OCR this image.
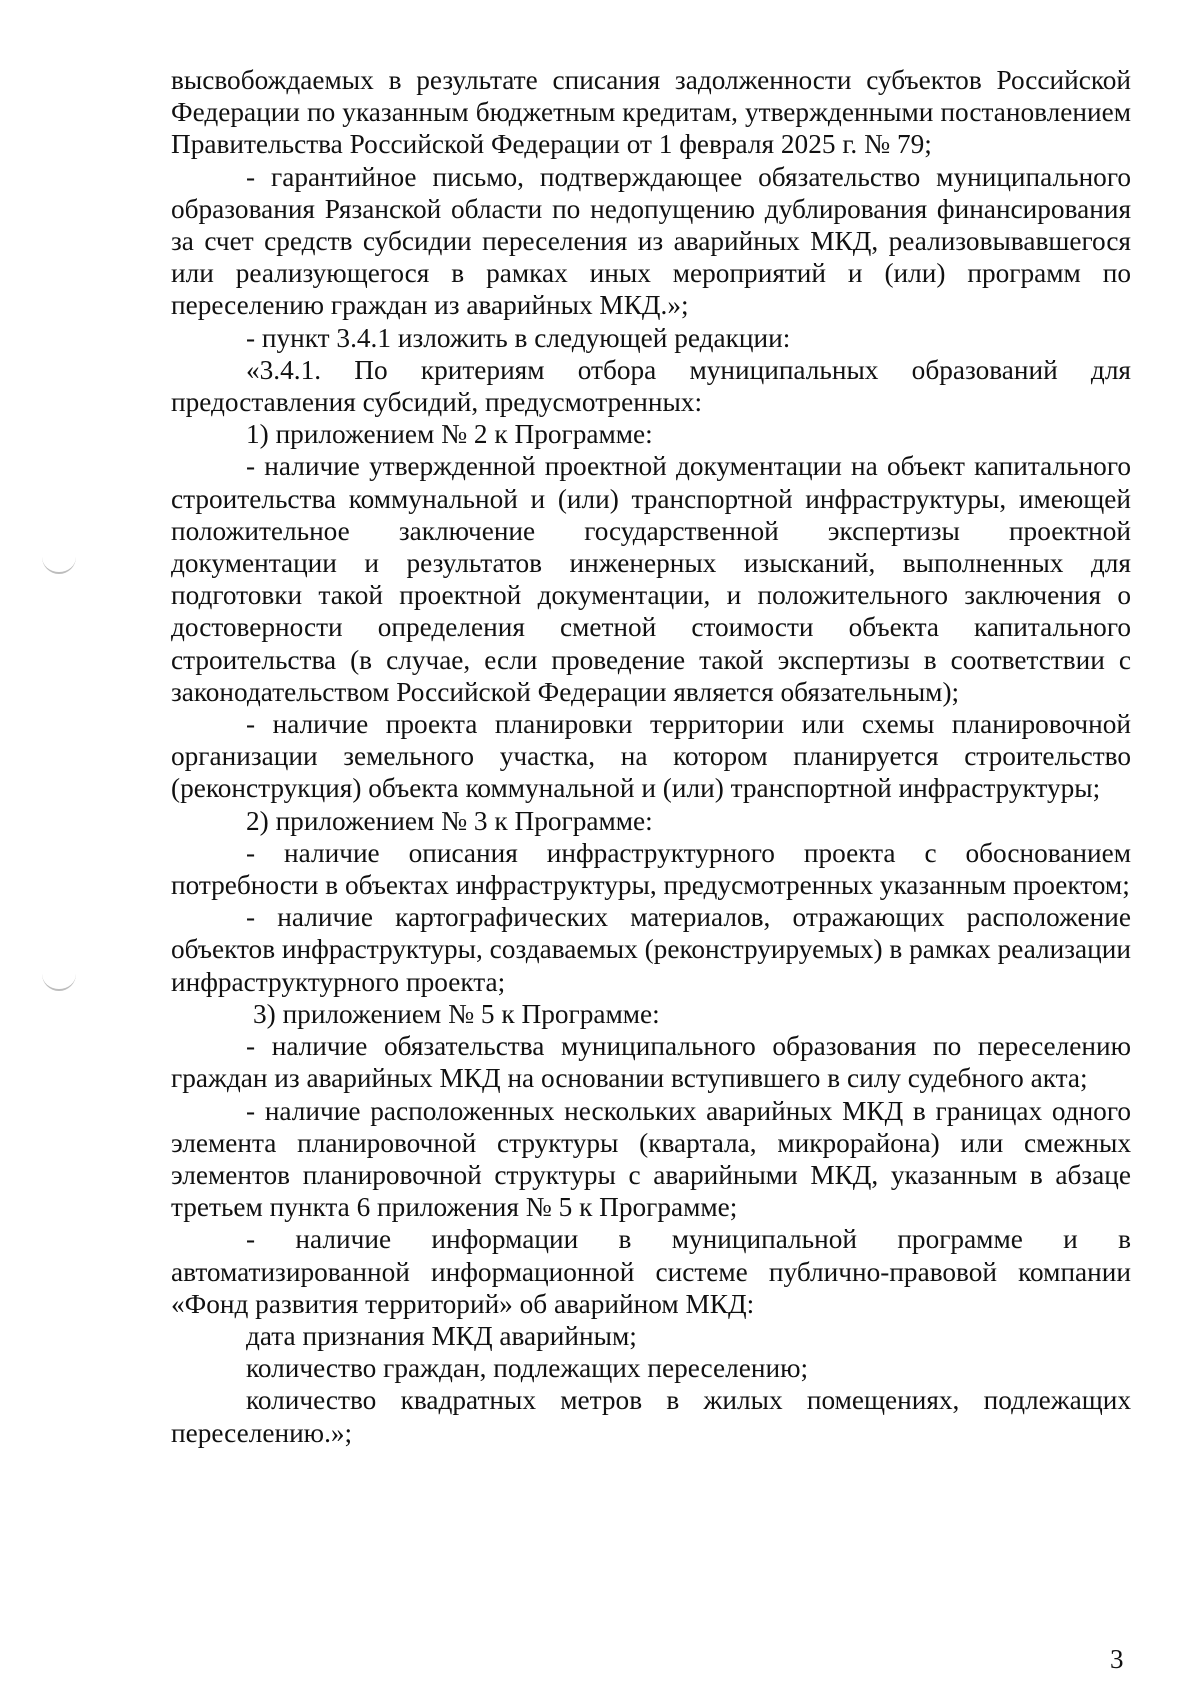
высвобождаемых в результате списания задолженности субъектов Российской Федерации по указанным бюджетным кредитам, утвержденными постановлением Правительства Российской Федерации от 1 февраля 2025 г. № 79;

- гарантийное письмо, подтверждающее обязательство муниципального образования Рязанской области по недопущению дублирования финансирования за счет средств субсидии переселения из аварийных МКД, реализовывавшегося или реализующегося в рамках иных мероприятий и (или) программ по переселению граждан из аварийных МКД.»;

- пункт 3.4.1 изложить в следующей редакции:

«3.4.1. По критериям отбора муниципальных образований для предоставления субсидий, предусмотренных:

1) приложением № 2 к Программе:

- наличие утвержденной проектной документации на объект капитального строительства коммунальной и (или) транспортной инфраструктуры, имеющей положительное заключение государственной экспертизы проектной документации и результатов инженерных изысканий, выполненных для подготовки такой проектной документации, и положительного заключения о достоверности определения сметной стоимости объекта капитального строительства (в случае, если проведение такой экспертизы в соответствии с законодательством Российской Федерации является обязательным);

- наличие проекта планировки территории или схемы планировочной организации земельного участка, на котором планируется строительство (реконструкция) объекта коммунальной и (или) транспортной инфраструктуры;

2) приложением № 3 к Программе:

- наличие описания инфраструктурного проекта с обоснованием потребности в объектах инфраструктуры, предусмотренных указанным проектом;

- наличие картографических материалов, отражающих расположение объектов инфраструктуры, создаваемых (реконструируемых) в рамках реализации инфраструктурного проекта;

3) приложением № 5 к Программе:

- наличие обязательства муниципального образования по переселению граждан из аварийных МКД на основании вступившего в силу судебного акта;

- наличие расположенных нескольких аварийных МКД в границах одного элемента планировочной структуры (квартала, микрорайона) или смежных элементов планировочной структуры с аварийными МКД, указанным в абзаце третьем пункта 6 приложения № 5 к Программе;

- наличие информации в муниципальной программе и в автоматизированной информационной системе публично-правовой компании «Фонд развития территорий» об аварийном МКД:

дата признания МКД аварийным;

количество граждан, подлежащих переселению;

количество квадратных метров в жилых помещениях, подлежащих переселению.»;

3
